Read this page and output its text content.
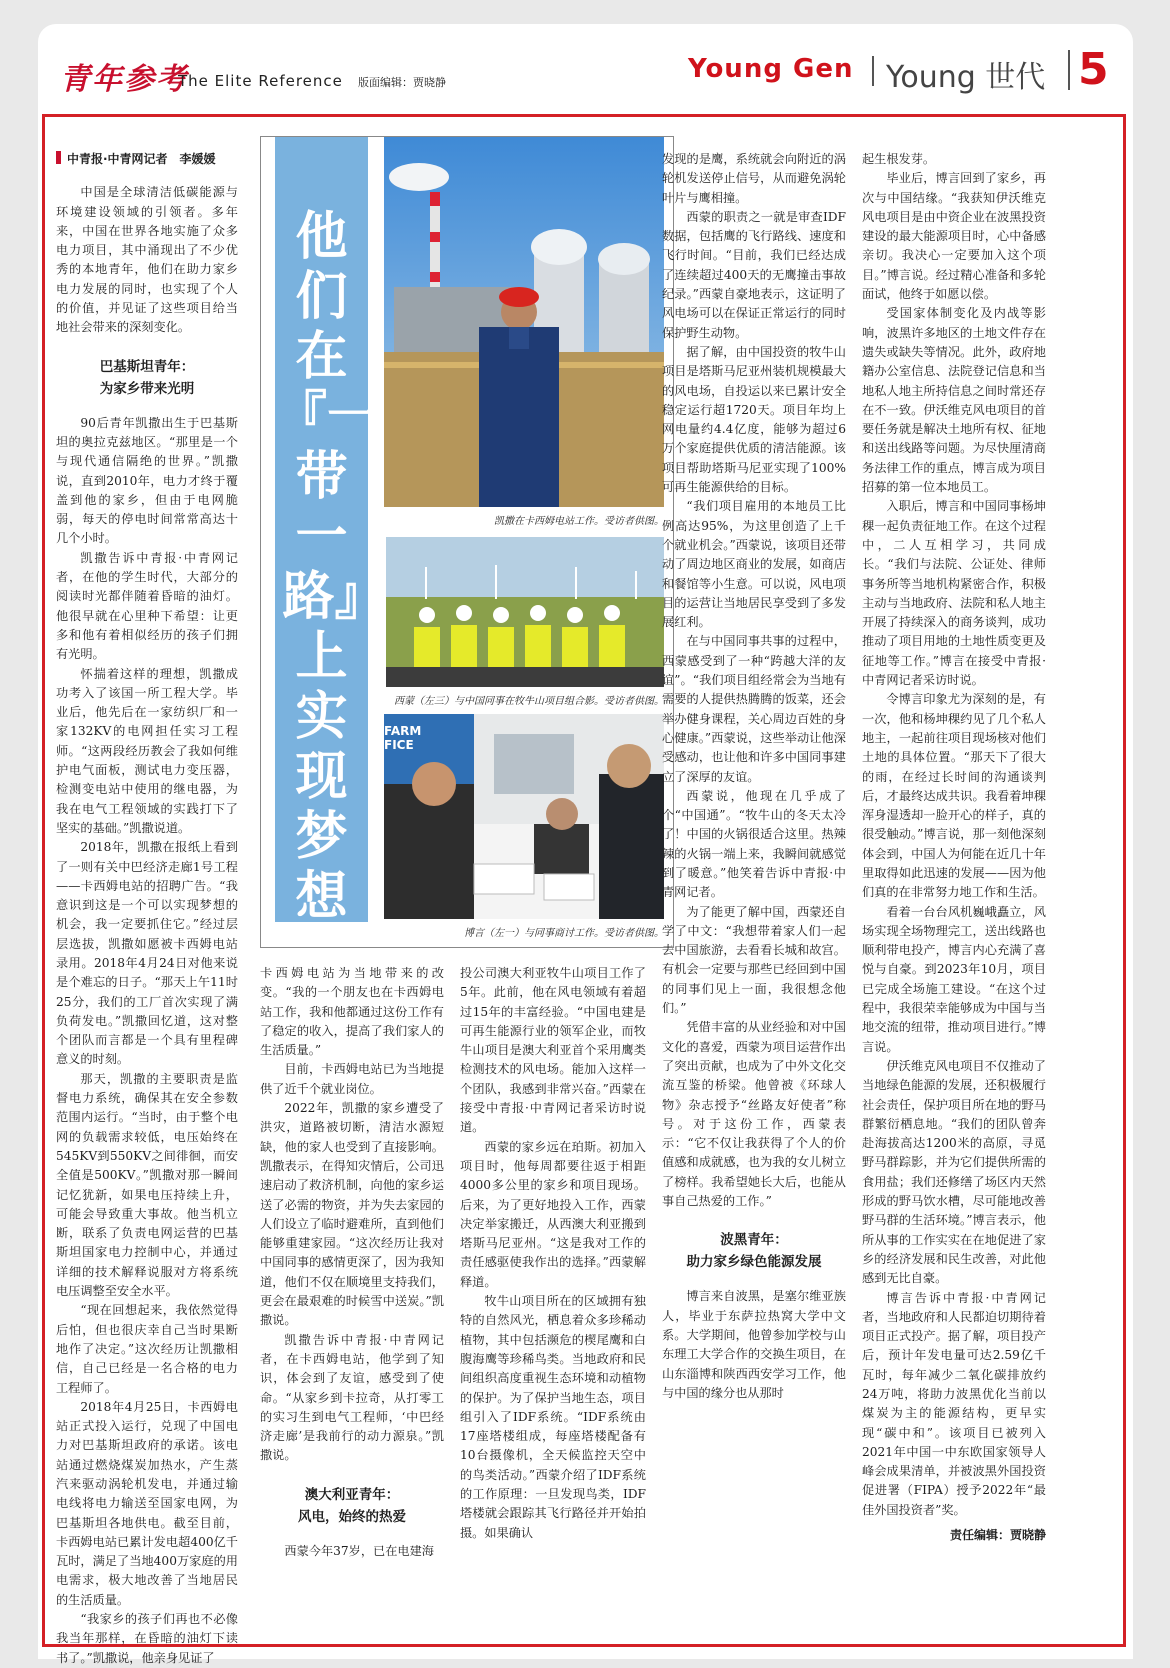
青年参考
The Elite Reference 版面编辑：贾晓静	Young Gen Young 世代 5
中青报·中青网记者　李媛媛

中国是全球清洁低碳能源与环境建设领域的引领者。多年来，中国在世界各地实施了众多电力项目，其中涌现出了不少优秀的本地青年，他们在助力家乡电力发展的同时，也实现了个人的价值，并见证了这些项目给当地社会带来的深刻变化。

巴基斯坦青年：
为家乡带来光明

90后青年凯撒出生于巴基斯坦的奥拉克兹地区。“那里是一个与现代通信隔绝的世界。”凯撒说，直到2010年，电力才终于覆盖到他的家乡，但由于电网脆弱，每天的停电时间常常高达十几个小时。

凯撒告诉中青报·中青网记者，在他的学生时代，大部分的阅读时光都伴随着昏暗的油灯。他很早就在心里种下希望：让更多和他有着相似经历的孩子们拥有光明。

怀揣着这样的理想，凯撒成功考入了该国一所工程大学。毕业后，他先后在一家纺织厂和一家132KV的电网担任实习工程师。“这两段经历教会了我如何维护电气面板，测试电力变压器，检测变电站中使用的继电器，为我在电气工程领域的实践打下了坚实的基础。”凯撒说道。

2018年，凯撒在报纸上看到了一则有关中巴经济走廊1号工程——卡西姆电站的招聘广告。“我意识到这是一个可以实现梦想的机会，我一定要抓住它。”经过层层选拔，凯撒如愿被卡西姆电站录用。2018年4月24日对他来说是个难忘的日子。“那天上午11时25分，我们的工厂首次实现了满负荷发电。”凯撒回忆道，这对整个团队而言都是一个具有里程碑意义的时刻。

那天，凯撒的主要职责是监督电力系统，确保其在安全参数范围内运行。“当时，由于整个电网的负载需求较低，电压始终在545KV到550KV之间徘徊，而安全值是500KV。”凯撒对那一瞬间记忆犹新，如果电压持续上升，可能会导致重大事故。他当机立断，联系了负责电网运营的巴基斯坦国家电力控制中心，并通过详细的技术解释说服对方将系统电压调整至安全水平。

“现在回想起来，我依然觉得后怕，但也很庆幸自己当时果断地作了决定。”这次经历让凯撒相信，自己已经是一名合格的电力工程师了。

2018年4月25日，卡西姆电站正式投入运行，兑现了中国电力对巴基斯坦政府的承诺。该电站通过燃烧煤炭加热水，产生蒸汽来驱动涡轮机发电，并通过输电线将电力输送至国家电网，为巴基斯坦各地供电。截至目前，卡西姆电站已累计发电超400亿千瓦时，满足了当地400万家庭的用电需求，极大地改善了当地居民的生活质量。

“我家乡的孩子们再也不必像我当年那样，在昏暗的油灯下读书了。”凯撒说，他亲身见证了

他们在『一带一路』上实现梦想
凯撒在卡西姆电站工作。受访者供图。
西蒙（左三）与中国同事在牧牛山项目组合影。受访者供图。
FARM FICE
博言（左一）与同事商讨工作。受访者供图。

卡西姆电站为当地带来的改变。“我的一个朋友也在卡西姆电站工作，我和他都通过这份工作有了稳定的收入，提高了我们家人的生活质量。”

目前，卡西姆电站已为当地提供了近千个就业岗位。

2022年，凯撒的家乡遭受了洪灾，道路被切断，清洁水源短缺，他的家人也受到了直接影响。凯撒表示，在得知灾情后，公司迅速启动了救济机制，向他的家乡运送了必需的物资，并为失去家园的人们设立了临时避难所，直到他们能够重建家园。“这次经历让我对中国同事的感情更深了，因为我知道，他们不仅在顺境里支持我们，更会在最艰难的时候雪中送炭。”凯撒说。

凯撒告诉中青报·中青网记者，在卡西姆电站，他学到了知识，体会到了友谊，感受到了使命。“从家乡到卡拉奇，从打零工的实习生到电气工程师，‘中巴经济走廊’是我前行的动力源泉。”凯撒说。

澳大利亚青年：
风电，始终的热爱

西蒙今年37岁，已在电建海

投公司澳大利亚牧牛山项目工作了5年。此前，他在风电领域有着超过15年的丰富经验。“中国电建是可再生能源行业的领军企业，而牧牛山项目是澳大利亚首个采用鹰类检测技术的风电场。能加入这样一个团队，我感到非常兴奋。”西蒙在接受中青报·中青网记者采访时说道。

西蒙的家乡远在珀斯。初加入项目时，他每周都要往返于相距4000多公里的家乡和项目现场。后来，为了更好地投入工作，西蒙决定举家搬迁，从西澳大利亚搬到塔斯马尼亚州。“这是我对工作的责任感驱使我作出的选择。”西蒙解释道。

牧牛山项目所在的区域拥有独特的自然风光，栖息着众多珍稀动植物，其中包括濒危的楔尾鹰和白腹海鹰等珍稀鸟类。当地政府和民间组织高度重视生态环境和动植物的保护。为了保护当地生态，项目组引入了IDF系统。“IDF系统由17座塔楼组成，每座塔楼配备有10台摄像机，全天候监控天空中的鸟类活动。”西蒙介绍了IDF系统的工作原理：一旦发现鸟类，IDF塔楼就会跟踪其飞行路径并开始拍摄。如果确认

发现的是鹰，系统就会向附近的涡轮机发送停止信号，从而避免涡轮叶片与鹰相撞。

西蒙的职责之一就是审查IDF数据，包括鹰的飞行路线、速度和飞行时间。“目前，我们已经达成了连续超过400天的无鹰撞击事故纪录。”西蒙自豪地表示，这证明了风电场可以在保证正常运行的同时保护野生动物。

据了解，由中国投资的牧牛山项目是塔斯马尼亚州装机规模最大的风电场，自投运以来已累计安全稳定运行超1720天。项目年均上网电量约4.4亿度，能够为超过6万个家庭提供优质的清洁能源。该项目帮助塔斯马尼亚实现了100%可再生能源供给的目标。

“我们项目雇用的本地员工比例高达95%，为这里创造了上千个就业机会。”西蒙说，该项目还带动了周边地区商业的发展，如商店和餐馆等小生意。可以说，风电项目的运营让当地居民享受到了多发展红利。

在与中国同事共事的过程中，西蒙感受到了一种“跨越大洋的友谊”。“我们项目组经常会为当地有需要的人提供热腾腾的饭菜，还会举办健身课程，关心周边百姓的身心健康。”西蒙说，这些举动让他深受感动，也让他和许多中国同事建立了深厚的友谊。

西蒙说，他现在几乎成了个“中国通”。“牧牛山的冬天太冷了！中国的火锅很适合这里。热辣辣的火锅一端上来，我瞬间就感觉到了暖意。”他笑着告诉中青报·中青网记者。

为了能更了解中国，西蒙还自学了中文：“我想带着家人们一起去中国旅游，去看看长城和故宫。有机会一定要与那些已经回到中国的同事们见上一面，我很想念他们。”

凭借丰富的从业经验和对中国文化的喜爱，西蒙为项目运营作出了突出贡献，也成为了中外文化交流互鉴的桥梁。他曾被《环球人物》杂志授予“丝路友好使者”称号。对于这份工作，西蒙表示：“它不仅让我获得了个人的价值感和成就感，也为我的女儿树立了榜样。我希望她长大后，也能从事自己热爱的工作。”

波黑青年：
助力家乡绿色能源发展

博言来自波黑，是塞尔维亚族人，毕业于东萨拉热窝大学中文系。大学期间，他曾参加学校与山东理工大学合作的交换生项目，在山东淄博和陕西西安学习工作，他与中国的缘分也从那时

起生根发芽。

毕业后，博言回到了家乡，再次与中国结缘。“我获知伊沃维克风电项目是由中资企业在波黑投资建设的最大能源项目时，心中备感亲切。我决心一定要加入这个项目。”博言说。经过精心准备和多轮面试，他终于如愿以偿。

受国家体制变化及内战等影响，波黑许多地区的土地文件存在遗失或缺失等情况。此外，政府地籍办公室信息、法院登记信息和当地私人地主所持信息之间时常还存在不一致。伊沃维克风电项目的首要任务就是解决土地所有权、征地和送出线路等问题。为尽快厘清商务法律工作的重点，博言成为项目招募的第一位本地员工。

入职后，博言和中国同事杨坤稞一起负责征地工作。在这个过程中，二人互相学习，共同成长。“我们与法院、公证处、律师事务所等当地机构紧密合作，积极主动与当地政府、法院和私人地主开展了持续深入的商务谈判，成功推动了项目用地的土地性质变更及征地等工作。”博言在接受中青报·中青网记者采访时说。

令博言印象尤为深刻的是，有一次，他和杨坤稞约见了几个私人地主，一起前往项目现场核对他们土地的具体位置。“那天下了很大的雨，在经过长时间的沟通谈判后，才最终达成共识。我看着坤稞浑身湿透却一脸开心的样子，真的很受触动。”博言说，那一刻他深刻体会到，中国人为何能在近几十年里取得如此迅速的发展——因为他们真的在非常努力地工作和生活。

看着一台台风机巍峨矗立，风场实现全场物理完工，送出线路也顺利带电投产，博言内心充满了喜悦与自豪。到2023年10月，项目已完成全场施工建设。“在这个过程中，我很荣幸能够成为中国与当地交流的纽带，推动项目进行。”博言说。

伊沃维克风电项目不仅推动了当地绿色能源的发展，还积极履行社会责任，保护项目所在地的野马群繁衍栖息地。“我们的团队曾奔赴海拔高达1200米的高原，寻觅野马群踪影，并为它们提供所需的食用盐；我们还修缮了场区内天然形成的野马饮水槽，尽可能地改善野马群的生活环境。”博言表示，他所从事的工作实实在在地促进了家乡的经济发展和民生改善，对此他感到无比自豪。

博言告诉中青报·中青网记者，当地政府和人民都迫切期待着项目正式投产。据了解，项目投产后，预计年发电量可达2.59亿千瓦时，每年减少二氧化碳排放约24万吨，将助力波黑优化当前以煤炭为主的能源结构，更早实现“碳中和”。该项目已被列入2021年中国一中东欧国家领导人峰会成果清单，并被波黑外国投资促进署（FIPA）授予2022年“最佳外国投资者”奖。

责任编辑：贾晓静
